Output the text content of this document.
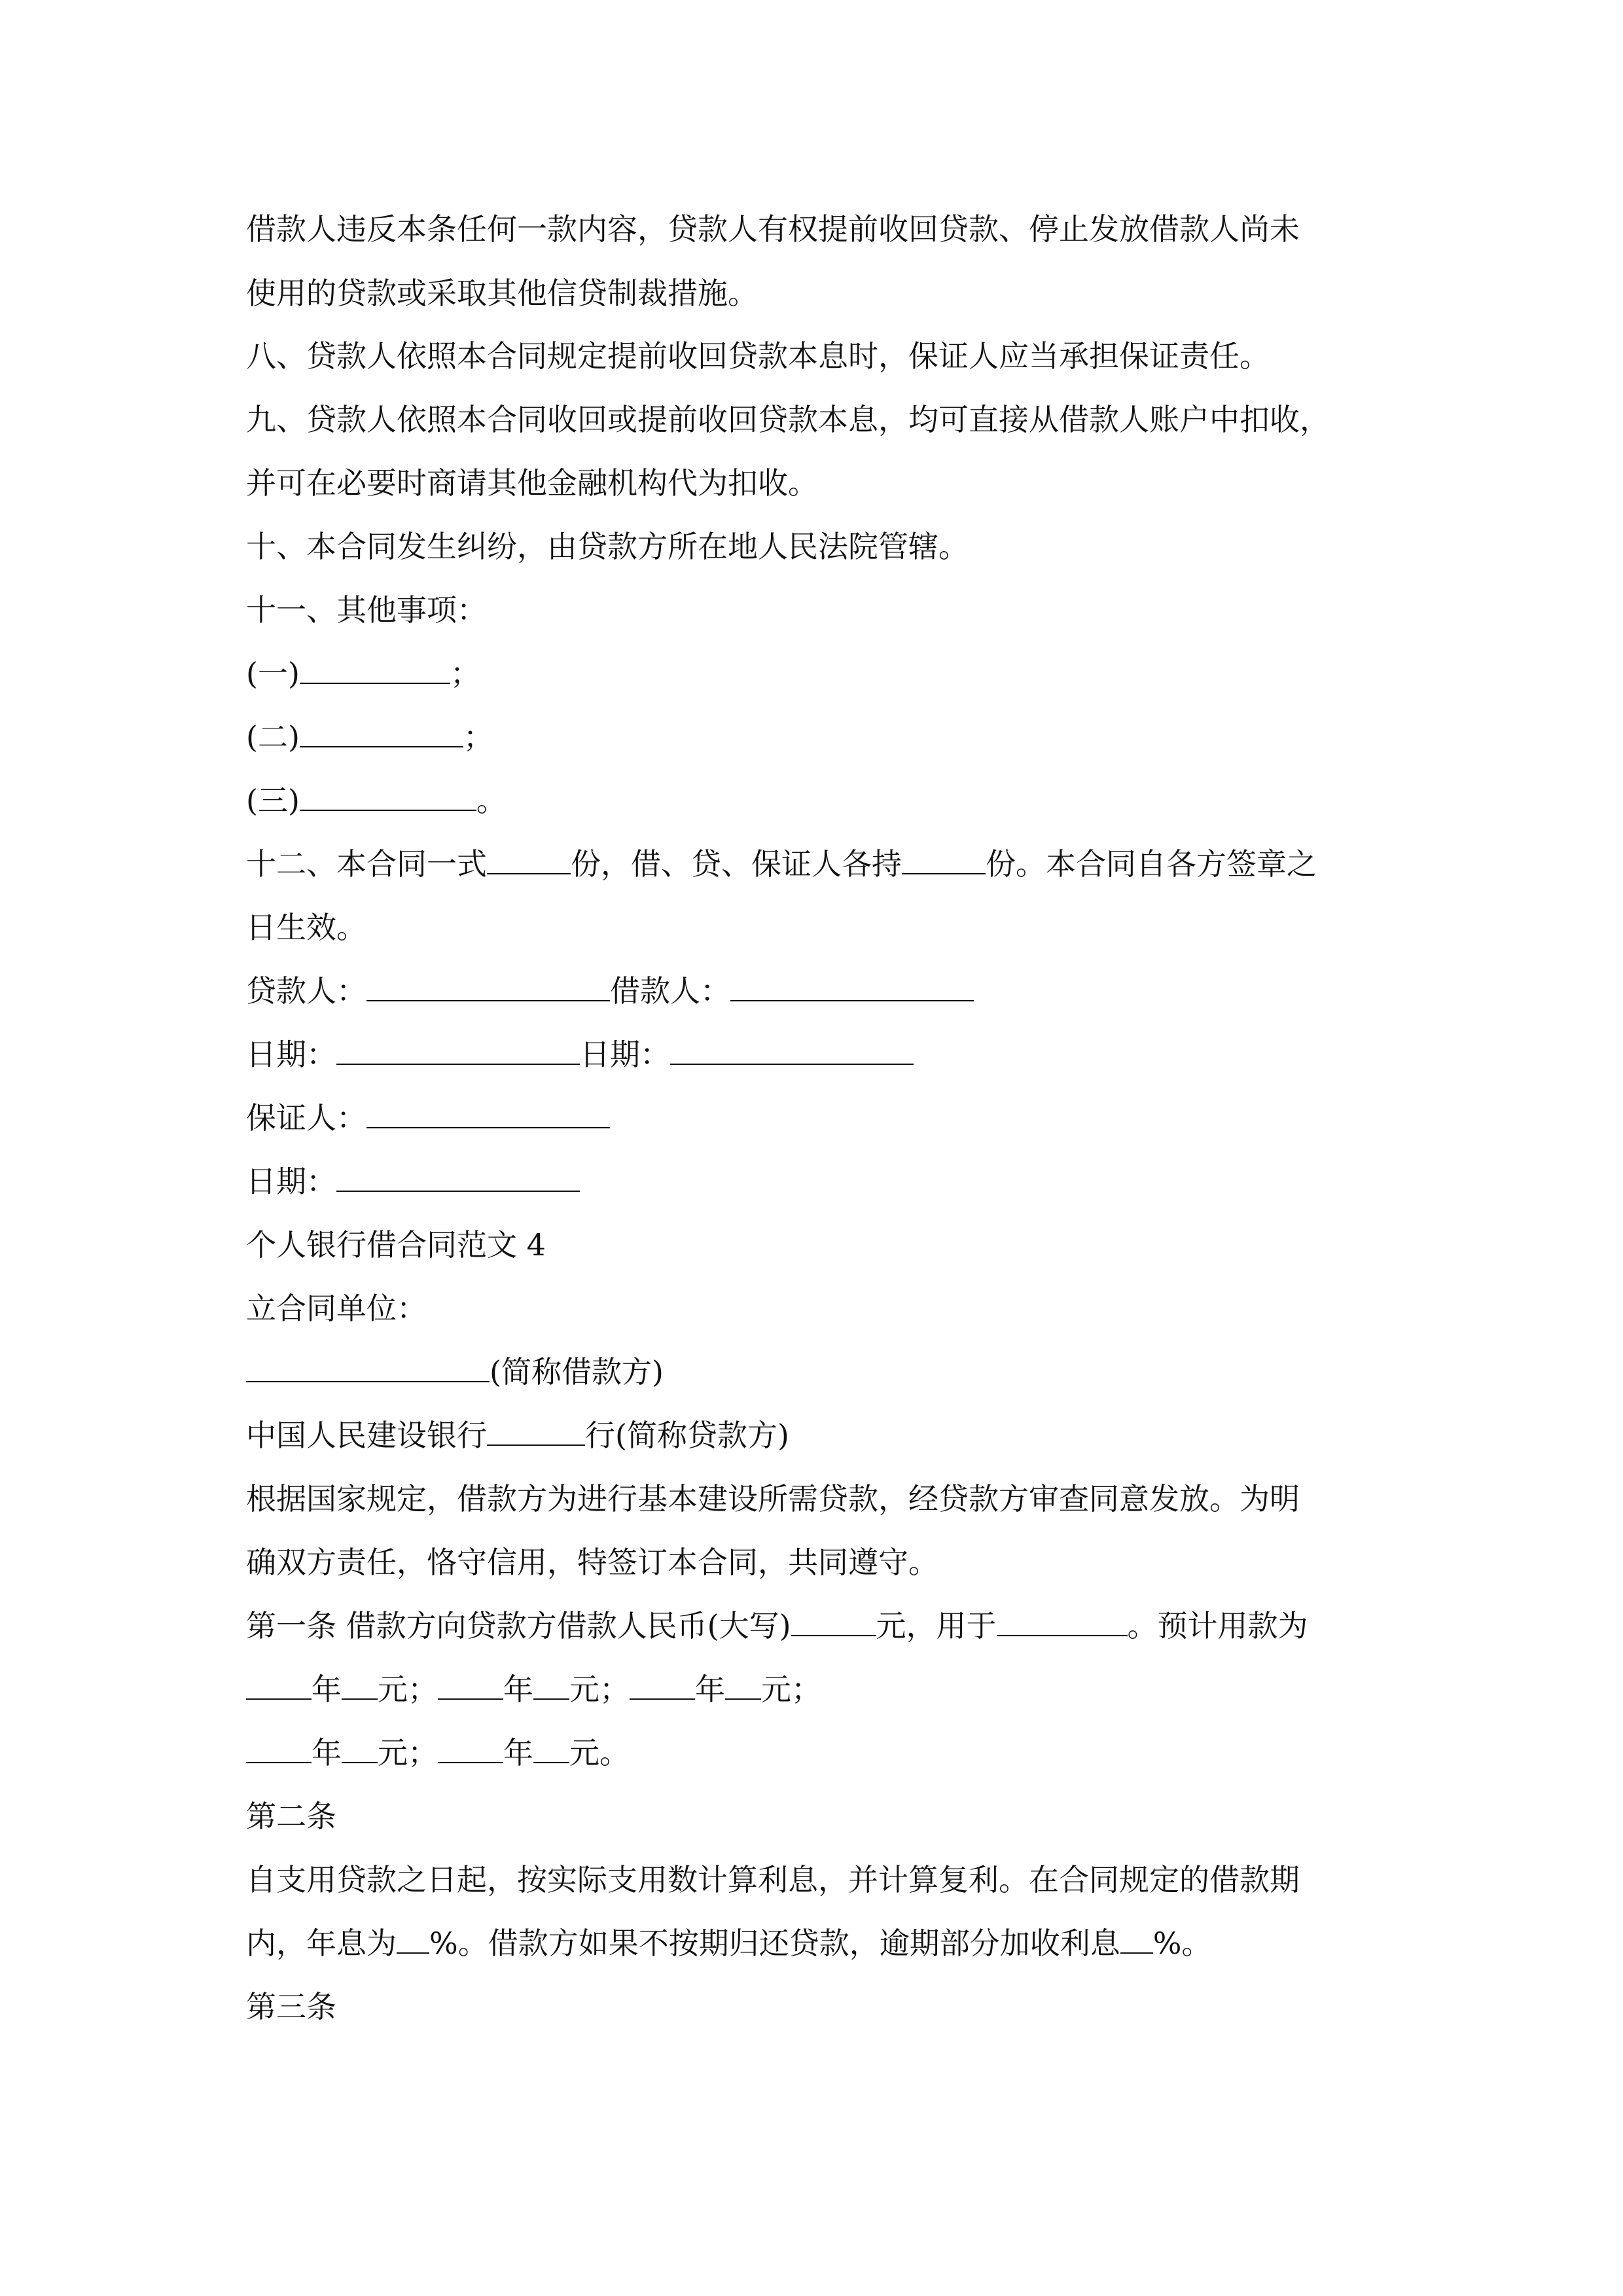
借款人违反本条任何一款内容，贷款人有权提前收回贷款、停止发放借款人尚未
使用的贷款或采取其他信贷制裁措施。
八、贷款人依照本合同规定提前收回贷款本息时，保证人应当承担保证责任。
九、贷款人依照本合同收回或提前收回贷款本息，均可直接从借款人账户中扣收，
并可在必要时商请其他金融机构代为扣收。
十、本合同发生纠纷，由贷款方所在地人民法院管辖。
十一、其他事项：
(一)	；
(二)	；
(三)	。
十二、本合同一式	份，借、贷、保证人各持	份。本合同自各方签章之
日生效。
贷款人：	借款人：
日期：	日期：
保证人：
日期：
个人银行借合同范文 4
立合同单位：
(简称借款方)
中国人民建设银行	行(简称贷款方)
根据国家规定，借款方为进行基本建设所需贷款，经贷款方审查同意发放。为明
确双方责任，恪守信用，特签订本合同，共同遵守。
第一条 借款方向贷款方借款人民币(大写)	元，用于	。预计用款为
年 元； 年 元； 年 元；
年 元； 年 元。
第二条
自支用贷款之日起，按实际支用数计算利息，并计算复利。在合同规定的借款期
内，年息为 %。借款方如果不按期归还贷款，逾期部分加收利息 %。
第三条
